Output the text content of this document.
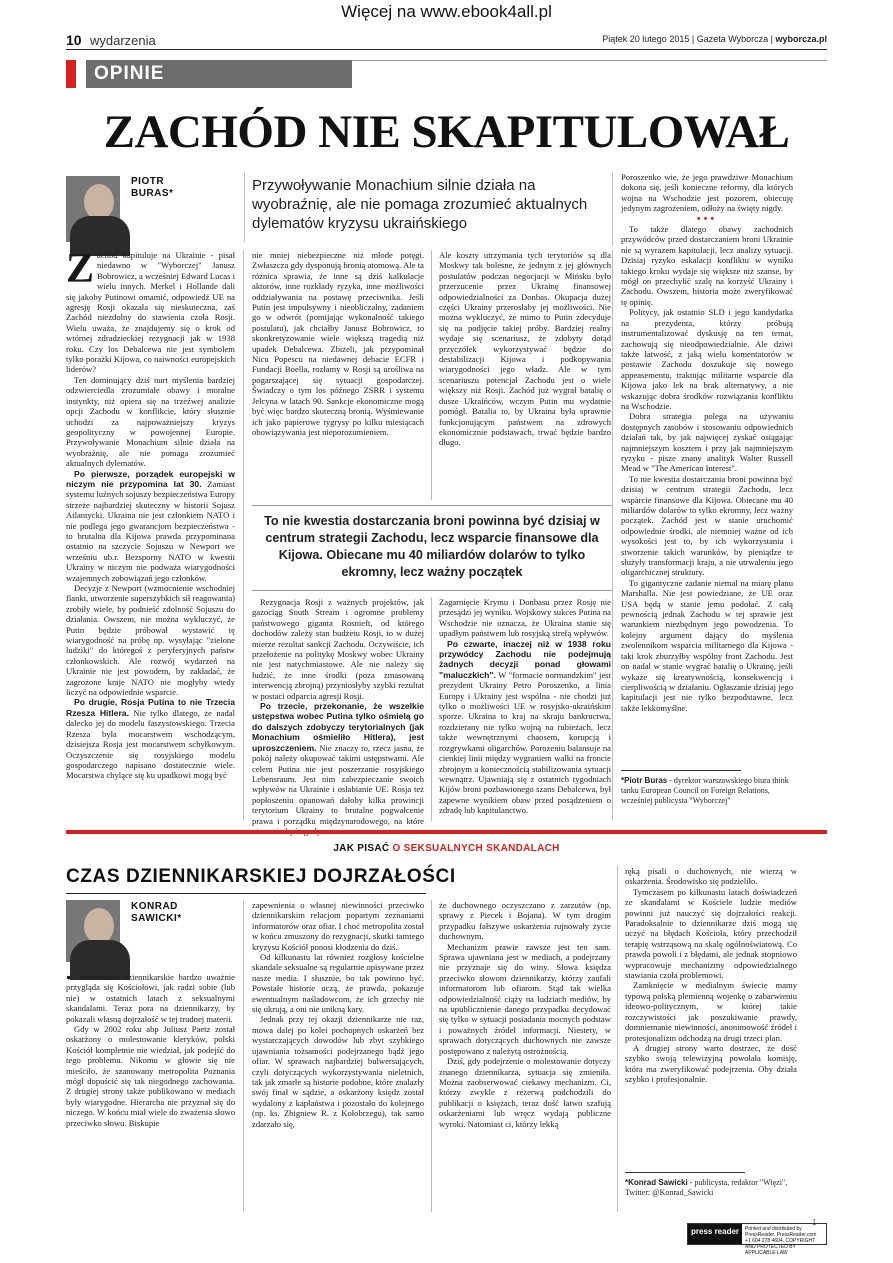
Więcej na www.ebook4all.pl
10 wydarzenia	Piątek 20 lutego 2015 | Gazeta Wyborcza | wyborcza.pl
OPINIE
ZACHÓD NIE SKAPITULOWAŁ
PIOTR
BURAS*	Przywoływanie Monachium silnie działa na wyobraźnię, ale nie pomaga zrozumieć aktualnych dylematów kryzysu ukraińskiego

Zachód kapituluje na Ukrainie - pisał niedawno w "Wyborczej" Janusz Bobrowicz, a wcześniej Edward Lucas i wielu innych. Merkel i Hollande dali się jakoby Putinowi omamić, odpowiedź UE na agresję Rosji okazała się nieskuteczna, zaś Zachód niezdolny do stawienia czoła Rosji. Wielu uważa, że znajdujemy się o krok od wtórnej zdradzieckiej rezygnacji jak w 1938 roku. Czy los Debalcewa nie jest symbolem tylko porażki Kijowa, co naiwności europejskich liderów?

Ten dominujący dziś nurt myślenia bardziej odzwierciedla zrozumiałe obawy i moralne instynkty, niż opiera się na trzeźwej analizie opcji Zachodu w konflikcie, który słusznie uchodzi za najpoważniejszy kryzys geopolityczny w powojennej Europie. Przywoływanie Monachium silnie działa na wyobraźnię, ale nie pomaga zrozumieć aktualnych dylematów.

Po pierwsze, porządek europejski w niczym nie przypomina lat 30. Zamiast systemu luźnych sojuszy bezpieczeństwa Europy strzeże najbardziej skuteczny w historii Sojusz Atlantycki. Ukraina nie jest członkiem NATO i nie podlega jego gwarancjom bezpieczeństwa - to brutalna dla Kijowa prawda przypominana ostatnio na szczycie Sojuszu w Newport we wrześniu ub.r. Bezsporny NATO w kwestii Ukrainy w niczym nie podważa wiarygodności wzajemnych zobowiązań jego członków.

Decyzje z Newport (wzmocnienie wschodniej flanki, utworzenie superszybkich sił reagowania) zrobiły wiele, by podnieść zdolność Sojuszu do działania. Owszem, nie można wykluczyć, że Putin będzie próbował wystawić tę wiarygodność na próbę np. wysyłając "zielone ludziki" do któregoś z peryferyjnych państw członkowskich. Ale rozwój wydarzeń na Ukrainie nie jest powodem, by zakładać, że zagrożone kraje NATO nie mogłyby wtedy liczyć na odpowiednie wsparcie.

Po drugie, Rosja Putina to nie Trzecia Rzesza Hitlera. Nie tylko dlatego, że nadal dalecko jej do modelu faszystowskiego. Trzecia Rzesza była mocarstwem wschodzącym, dzisiejsza Rosja jest mocarstwem schyłkowym. Oczyszczenie się rosyjskiego modelu gospodarczego napisano dostatecznie wiele. Mocarstwa chylące się ku upadkowi mogą być

nie mniej niebezpieczne niż młode potęgi. Zwłaszcza gdy dysponują bronią atomową. Ale ta różnica sprawia, że inne są dziś kalkulacje aktorów, inne rozkłady ryzyka, inne możliwości oddziaływania na postawę przeciwnika. Jeśli Putin jest impulsywny i nieobliczalny, zadaniem go w odwrót (pomijając wykonalność takiego postulatu), jak chciałby Janusz Bobrowicz, to skonkretyzowanie wiele większą tragedią niż upadek Debalcewa. Zbiżeli, jak przypominał Nicu Popescu na niedawnej debacie ECFR i Fundacji Boella, rozłamy w Rosji są urośliwa na pogarszającej się sytuacji gospodarczej. Świadczy o tym los późnego ZSRR i systemu Jelcyna w latach 90. Sankcje ekonomiczne mogą być więc bardzo skuteczną bronią. Wyśmiewanie ich jako papierowe tygrysy po kilku miesiącach obowiązywania jest nieporozumieniem.

Ale koszty utrzymania tych terytoriów są dla Moskwy tak bolesne, że jednym z jej głównych postulatów podczas negocjacji w Mińsku było przerzucenie przez Ukrainę finansowej odpowiedzialności za Donbas. Okupacja dużej części Ukrainy przerosłaby jej możliwości. Nie można wykluczyć, że mimo to Putin zdecyduje się na podjęcie takiej próby. Bardziej realny wydaje się scenariusz, że zdobyty dotąd przyczółek wykorzystywać będzie do destabilizacji Kijowa i podkopywania wiarygodności jego władz. Ale w tym scenariuszu potencjał Zachodu jest o wiele większy niż Rosji. Zachód już wygrał batalię o dusze Ukraińców, wczym Putin mu wydatnie pomógł. Batalia to, by Ukraina była sprawnie funkcjonującym państwem na zdrowych ekonomicznie podstawach, trwać będzie bardzo długo.

To nie kwestia dostarczania broni powinna być dzisiaj w centrum strategii Zachodu, lecz wsparcie finansowe dla Kijowa. Obiecane mu 40 miliardów dolarów to tylko ekromny, lecz ważny początek

Rezygnacja Rosji z ważnych projektów, jak gazociąg South Stream i ogromne problemy państwowego giganta Rosnieft, od którego dochodów zależy stan budżetu Rosji, to w dużej mierze rezultat sankcji Zachodu. Oczywiście, ich przełożenie na politykę Moskwy wobec Ukrainy nie jest natychmiastowe. Ale nie należy się łudzić, że inne środki (poza zmasowaną interwencją zbrojną) przyniosłyby szybki rezultat w postaci odparcia agresji Rosji.

Po trzecie, przekonanie, że wszelkie ustępstwa wobec Putina tylko ośmielą go do dalszych zdobyczy terytorialnych (jak Monachium ośmieliło Hitlera), jest uproszczeniem. Nie znaczy to, rzecz jasna, że pokój należy okupować takimi ustępstwami. Ale celem Putina nie jest poszerzanie rosyjskiego Lebensraum. Jest nim zabezpieczanie swoich wpływów na Ukrainie i osłabianie UE. Rosja też popłoszeniu opanowań dałoby kilka prowincji terytorium Ukrainy to brutalne pogwałcenie prawa i porządku międzynarodowego, na które

Zagarnięcie Krymu i Donbasu przez Rosję nie przesądzi jej wyniku. Wojskowy sukces Putina na Wschodzie nie oznacza, że Ukraina stanie się upadłym państwem lub rosyjską strefą wpływów.

Po czwarte, inaczej niż w 1938 roku przywódcy Zachodu nie podejmują żadnych decyzji ponad głowami "maluczkich". W "formacie normandzkim" jest prezydent Ukrainy Petro Poroszenko, a linia Europy i Ukrainy jest wspólna - nie chodzi już tylko o możliwości UE w rosyjsko-ukraińskim sporze. Ukraina to kraj na skraju bankructwa, rozdzierany nie tylko wojną na rubieżach, lecz także wewnętrznymi chaosem, korupcją i rozgrywkami oligarchów. Porozeniu balansuje na cienkiej linii między wygraniem walki na froncie zbrojnym a koniecznością stabilizowania sytuacji wewnątrz. Ujawniają się z ostatnich tygodniach Kijów broni pozbawionego szans Debalcewa, był zapewne wynikiem obaw przed posądzeniem o zdradę lub kapitulanctwo.

Poroszenko wie, że jego prawdziwe Monachium dokona się, jeśli konieczne reformy, dla których wojna na Wschodzie jest pozorem, obiecuję jedynym zagrożeniem, odłoży na święty nigdy.

•••

To także dlatego obawy zachodnich przywódców przed dostarczaniem broni Ukrainie nie są wyrazem kapitulacji, lecz analizy sytuacji. Dzisiaj ryzyko eskalacji konfliktu w wyniku takiego kroku wydaje się większe niż szanse, by mógł on przechylić szalę na korzyść Ukrainy i Zachodu. Owszem, historia może zweryfikować tę opinię.

Politycy, jak ostatnio SLD i jego kandydatka na prezydenta, którzy próbują instrumentalizować dyskusję na ten temat, zachowują się nieodpowiedzialnie. Ale dziwi także łatwość, z jaką wielu komentatorów w postawie Zachodu doszukuje się nowego appeasementu, traktując militarne wsparcie dla Kijowa jako lek na brak alternatywy, a nie wskazując dobra środków rozwiązania konfliktu na Wschodzie.

Dobra strategia polega na używaniu dostępnych zasobów i stosowaniu odpowiednich działań tak, by jak najwięcej zyskać osiągając najmniejszym kosztem i przy jak najmniejszym ryzyku - pisze znany analityk Walter Russell Mead w "The American Interest".

To nie kwestia dostarczania broni powinna być dzisiaj w centrum strategii Zachodu, lecz wsparcie finansowe dla Kijowa. Obiecane mu 40 miliardów dolarów to tylko ekromny, lecz ważny początek. Zachód jest w stanie uruchomić odpowiednie środki, ale niemniej ważne od ich wysokości jest to, by ich wykorzystania i stworzenie takich warunków, by pieniądze te służyły transformacji kraju, a nie utrwaleniu jego oligarchicznej struktury.

To gigantyczne zadanie niemal na miarę planu Marshalla. Nie jest powiedziane, że UE oraz USA będą w stanie jemu podołać. Z całą pewnością jednak Zachodu w tej sprawie jest warunkiem niezbędnym jego powodzenia. To kolejny argument dający do myślenia zwolennikom wsparcia militarnego dla Kijowa - taki krok zburzyłby wspólny front Zachodu. Jest on nadal w stanie wygrać batalię o Ukrainę, jeśli wykaże się kreatywnością, konsekwencją i cierpliwością w działaniu. Ogłaszanie dzisiaj jego kapitulacji jest nie tylko bezpodstawne, lecz także lekkomyślne.

*Piotr Buras - dyrektor warszawskiego biura think tanku European Council on Foreign Relations, wcześniej publicysta "Wyborczej"
JAK PISAĆ O SEKSUALNYCH SKANDALACH
CZAS DZIENNIKARSKIEJ DOJRZAŁOŚCI
KONRAD
SAWICKI*

● Środowisko dziennikarskie bardzo uważnie przygląda się Kościołowi, jak radzi sobie (lub nie) w ostatnich latach z seksualnymi skandalami. Teraz pora na dziennikarzy, by pokazali własną dojrzałość w tej trudnej materii.

Gdy w 2002 roku abp Juliusz Paetz został oskarżony o molestowanie kleryków, polski Kościół kompletnie nie wiedział, jak podejść do tego problemu. Nikomu w głowie się nie mieściło, że szanowany metropolita Poznania mógł dopuścić się tak niegodnego zachowania. Z drugiej strony także publikowano w mediach były wiarygodne. Hierarcha nie przyznał się do niczego. W końcu miał wiele do zważenia słowo przeciwko słowu. Biskupie

zapewnienia o własnej niewinności przeciwko dziennikarskim relacjom popartym zeznaniami informatorów oraz ofiar. I choć metropolita został w końcu zmuszony do rezygnacji, skutki tamtego kryzysu Kościół ponosi kłodzenia do dziś.

Od kilkunastu lat również rozgłosy kościelne skandale seksualne są regularnie opisywane przez nasze media. I słusznie, bo tak powinno być. Powstałe historie uczą, że prawda, pokazuje ewentualnym naśladowcom, że ich grzechy nie się ukrują, a oni nie unikną kary.

Jednak przy tej okazji dziennikarze nie raz, mowa dalej po kolei pochopnych oskarżeń bez wystarczających dowodów lub zbyt szybkiego ujawniania tożsamości podejrzanego bądź jego ofiar. W sprawach najbardziej bulwersujących, czyli dotyczących wykorzystywania nieletnich, tak jak zmarłe są historie podobne, które znalazły swój finał w sądzie, a oskarżony księdz został wydalony z kapłaństwa i pozostało do kolejnego (np. ks. Zbigniew R. z Kołobrzegu), tak samo zdarzało się,

że duchownego oczyszczano z zarzutów (np. sprawy z Piecek i Bojana). W tym drugim przypadku fałszywe oskarżenia rujnowały życie duchownym.

Mechanizm prawie zawsze jest ten sam. Sprawa ujawniana jest w mediach, a podejrzany nie przyznaje się do winy. Słowa księdza przeciwko słowom dziennikarzy, którzy zaufali informatorom lub ofiarom. Stąd tak wielka odpowiedzialność ciąży na ludziach mediów, by na upublicznienie danego przypadku decydować się tylko w sytuacji posiadania mocnych podstaw i poważnych źródeł informacji. Niestety, w sprawach dotyczących duchownych nie zawsze postępowano z należytą ostrożnością.

Dziś, gdy podejrzenie o molestowanie dotyczy znanego dziennikarza, sytuacja się zmieniła. Można zaobserwować ciekawy mechanizm. Ci, którzy zwykle z rezerwą podchodzili do publikacji o księżach, teraz dość łatwo szafują oskarżeniami lub wręcz wydają publiczne wyroki. Natomiast ci, którzy lekką

ręką pisali o duchownych, nie wierzą w oskarżenia. Środowisko się podzieliło.

Tymczasem po kilkunastu latach doświadczeń ze skandalami w Kościele ludzie mediów powinni już nauczyć się dojrzałości reakcji. Paradoksalnie to dziennikarze dziś mogą się uczyć na błędach Kościoła, który przechodził terapię wstrząsową na skalę ogólnoświatową. Co prawda powoli i z błędami, ale jednak stopniowo wypracowuje mechanizmy odpowiedzialnego stawiania czoła problemowi.

Zamknięcie w medialnym świecie mamy typową polską plemienną wojenkę o zabarwieniu ideowo-politycznym, w której takie rozczywistości jak poszukiwanie prawdy, domniemanie niewinności, anonimowość źródeł i protesjonalizm odchodzą na drugi trzeci plan.

A drugiej strony warto dostrzec, że dość szybko swoją telewizyjną powołała komisję, która ma zweryfikować podejrzenia. Oby działa szybko i profesjonalnie.

*Konrad Sawicki - publicysta, redaktor "Więzi", Twitter: @Konrad_Sawicki
1
press reader	Printed and distributed by PressReader. PressReader.com +1 604 278 4604. COPYRIGHT AND PROTECTED BY APPLICABLE LAW
